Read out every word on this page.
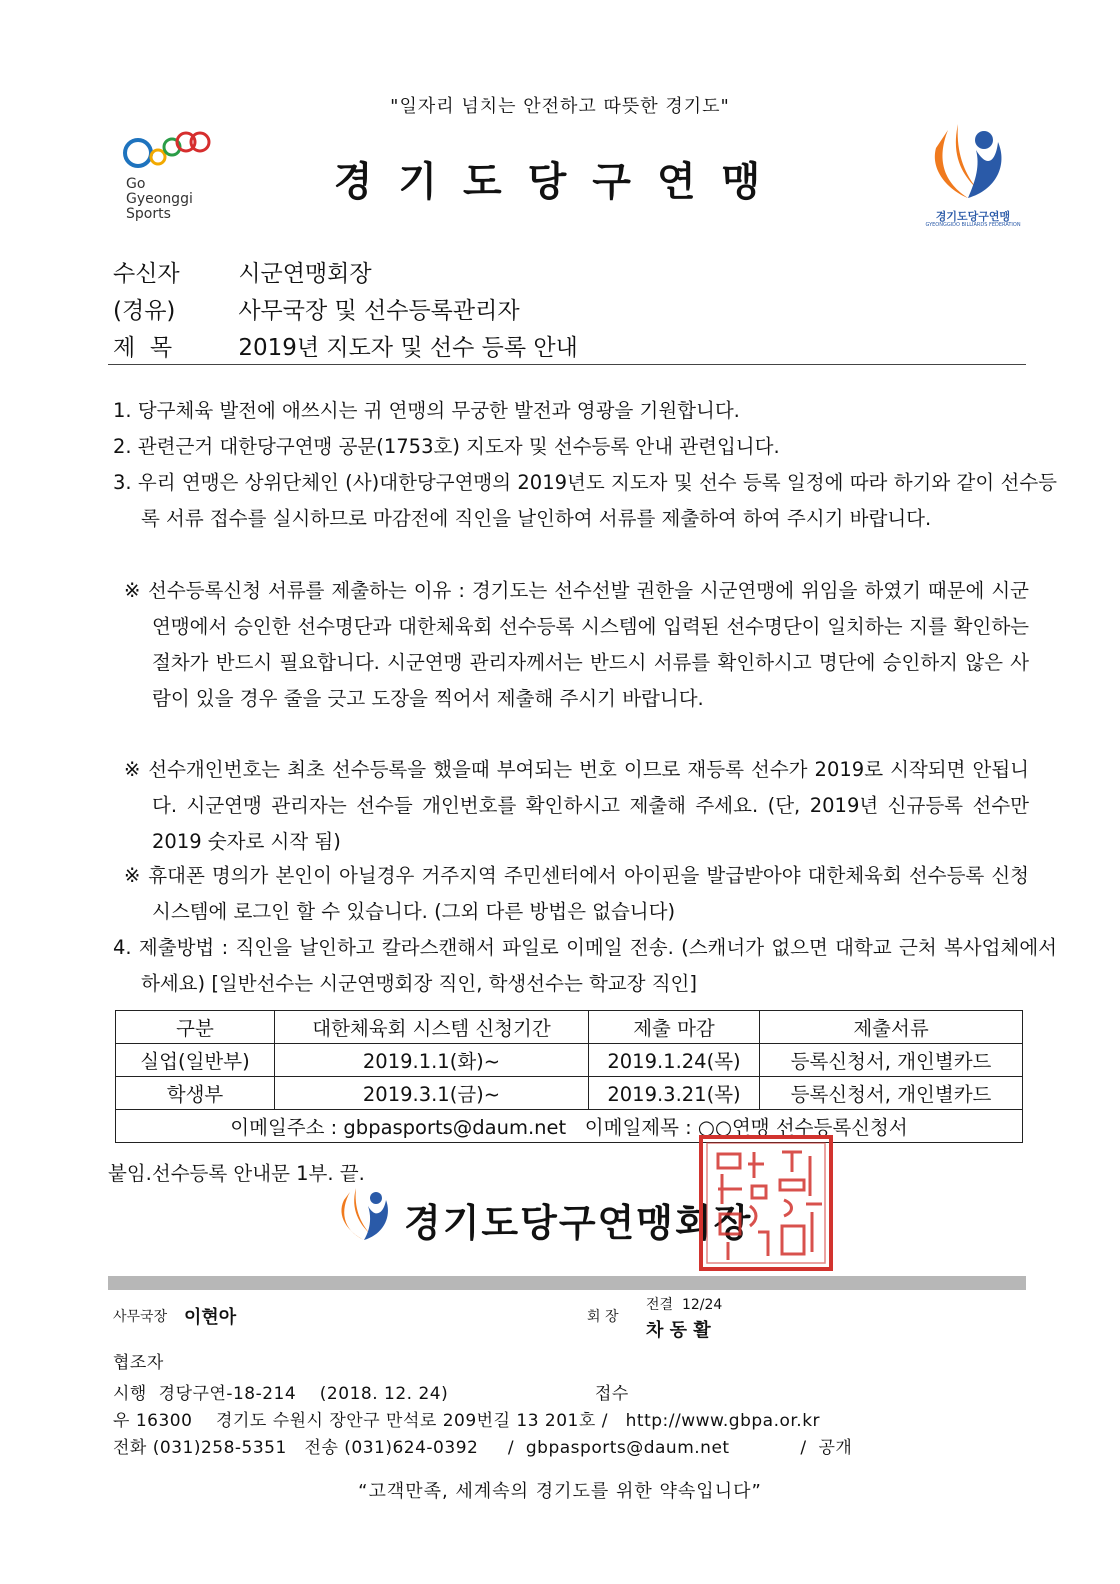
"일자리 넘치는 안전하고 따뜻한 경기도"
Go
Gyeonggi
Sports
경기도당구연맹
경기도당구연맹
GYEONGGIDO BILLIARDS FEDERATION
수신자	시군연맹회장
(경유)	사무국장 및 선수등록관리자
제  목	2019년 지도자 및 선수 등록 안내
1. 당구체육 발전에 애쓰시는 귀 연맹의 무궁한 발전과 영광을 기원합니다.
2. 관련근거 대한당구연맹 공문(1753호) 지도자 및 선수등록 안내 관련입니다.
3. 우리 연맹은 상위단체인 (사)대한당구연맹의 2019년도 지도자 및 선수 등록 일정에 따라 하기와 같이 선수등록 서류 접수를 실시하므로 마감전에 직인을 날인하여 서류를 제출하여 하여 주시기 바랍니다.
※ 선수등록신청 서류를 제출하는 이유 : 경기도는 선수선발 권한을 시군연맹에 위임을 하였기 때문에 시군연맹에서 승인한 선수명단과 대한체육회 선수등록 시스템에 입력된 선수명단이 일치하는 지를 확인하는 절차가 반드시 필요합니다. 시군연맹 관리자께서는 반드시 서류를 확인하시고 명단에 승인하지 않은 사람이 있을 경우 줄을 긋고 도장을 찍어서 제출해 주시기 바랍니다.
※ 선수개인번호는 최초 선수등록을 했을때 부여되는 번호 이므로 재등록 선수가 2019로 시작되면 안됩니다. 시군연맹 관리자는 선수들 개인번호를 확인하시고 제출해 주세요. (단, 2019년 신규등록 선수만 2019 숫자로 시작 됨)
※ 휴대폰 명의가 본인이 아닐경우 거주지역 주민센터에서 아이핀을 발급받아야 대한체육회 선수등록 신청 시스템에 로그인 할 수 있습니다. (그외 다른 방법은 없습니다)
4. 제출방법 : 직인을 날인하고 칼라스캔해서 파일로 이메일 전송. (스캐너가 없으면 대학교 근처 복사업체에서 하세요) [일반선수는 시군연맹회장 직인, 학생선수는 학교장 직인]
구분	대한체육회 시스템 신청기간	제출 마감	제출서류
실업(일반부)	2019.1.1(화)~	2019.1.24(목)	등록신청서, 개인별카드
학생부	2019.3.1(금)~	2019.3.21(목)	등록신청서, 개인별카드
이메일주소 : gbpasports@daum.net   이메일제목 : ○○연맹 선수등록신청서			
붙임.선수등록 안내문 1부. 끝.
경기도당구연맹회장
사무국장 이현아	회 장
전결  12/24
차 동 활
협조자
시행  경당구연-18-214    (2018. 12. 24)	접수
우 16300    경기도 수원시 장안구 만석로 209번길 13 201호 /   http://www.gbpa.or.kr
전화 (031)258-5351   전송 (031)624-0392     /  gbpasports@daum.net            /  공개
“고객만족, 세계속의 경기도를 위한 약속입니다”
